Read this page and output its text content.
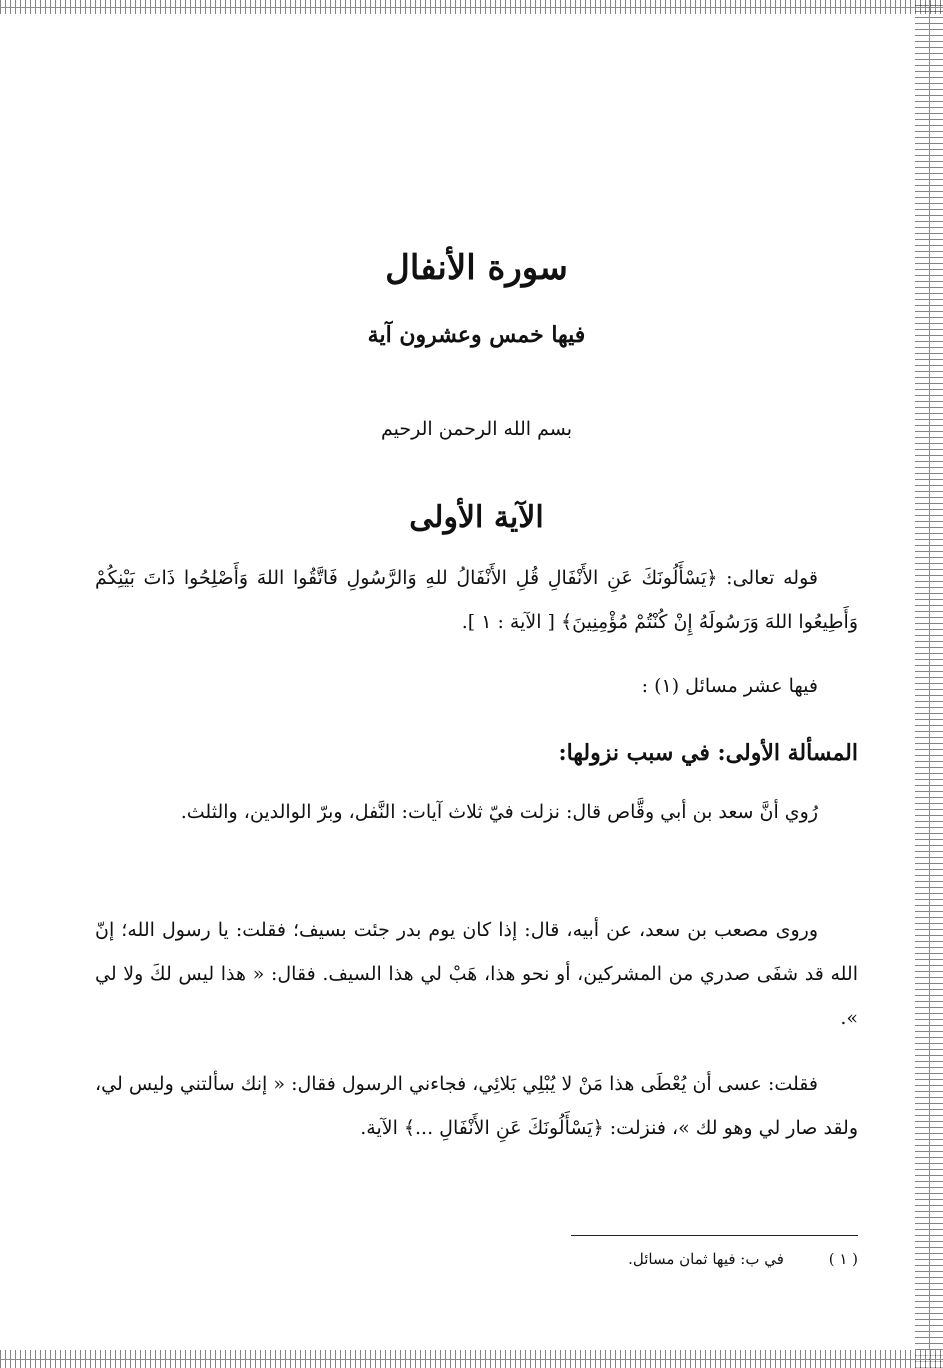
سورة الأنفال
فيها خمس وعشرون آية
بسم الله الرحمن الرحيم
الآية الأولى
قوله تعالى: ﴿يَسْأَلُونَكَ عَنِ الأَنْفَالِ قُلِ الأَنْفَالُ للهِ وَالرَّسُولِ فَاتَّقُوا اللهَ وَأَصْلِحُوا ذَاتَ بَيْنِكُمْ وَأَطِيعُوا اللهَ وَرَسُولَهُ إِنْ كُنْتُمْ مُؤْمِنِينَ﴾ [ الآية : ١ ].
فيها عشر مسائل (١) :
المسألة الأولى: في سبب نزولها:
رُوي أنَّ سعد بن أبي وقَّاص قال: نزلت فيّ ثلاث آيات: النَّفل، وبرّ الوالدين، والثلث.
وروى مصعب بن سعد، عن أبيه، قال: إذا كان يوم بدر جئت بسيف؛ فقلت: يا رسول الله؛ إنّ الله قد شفَى صدري من المشركين، أو نحو هذا، هَبْ لي هذا السيف. فقال: « هذا ليس لكَ ولا لي ».
فقلت: عسى أن يُعْطَى هذا مَنْ لا يُبْلِي بَلائِي، فجاءني الرسول فقال: « إنك سألتني وليس لي، ولقد صار لي وهو لك »، فنزلت: ﴿يَسْأَلُونَكَ عَنِ الأَنْفَالِ ...﴾ الآية.
( ١ ) في ب: فيها ثمان مسائل.
